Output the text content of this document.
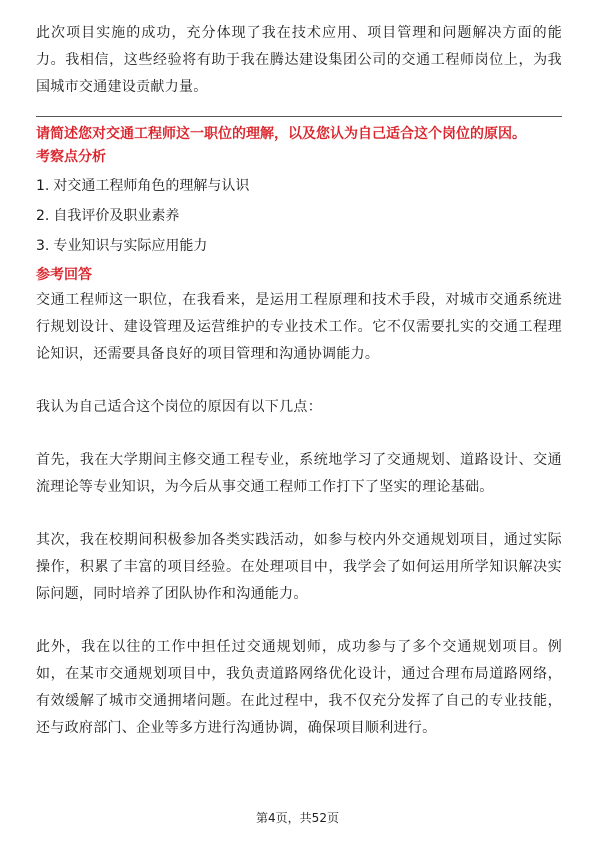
此次项目实施的成功，充分体现了我在技术应用、项目管理和问题解决方面的能力。我相信，这些经验将有助于我在腾达建设集团公司的交通工程师岗位上，为我国城市交通建设贡献力量。

请简述您对交通工程师这一职位的理解，以及您认为自己适合这个岗位的原因。

考察点分析

1. 对交通工程师角色的理解与认识

2. 自我评价及职业素养

3. 专业知识与实际应用能力

参考回答

交通工程师这一职位，在我看来，是运用工程原理和技术手段，对城市交通系统进行规划设计、建设管理及运营维护的专业技术工作。它不仅需要扎实的交通工程理论知识，还需要具备良好的项目管理和沟通协调能力。

我认为自己适合这个岗位的原因有以下几点：

首先，我在大学期间主修交通工程专业，系统地学习了交通规划、道路设计、交通流理论等专业知识，为今后从事交通工程师工作打下了坚实的理论基础。

其次，我在校期间积极参加各类实践活动，如参与校内外交通规划项目，通过实际操作，积累了丰富的项目经验。在处理项目中，我学会了如何运用所学知识解决实际问题，同时培养了团队协作和沟通能力。

此外，我在以往的工作中担任过交通规划师，成功参与了多个交通规划项目。例如，在某市交通规划项目中，我负责道路网络优化设计，通过合理布局道路网络，有效缓解了城市交通拥堵问题。在此过程中，我不仅充分发挥了自己的专业技能，还与政府部门、企业等多方进行沟通协调，确保项目顺利进行。

第4页，共52页
